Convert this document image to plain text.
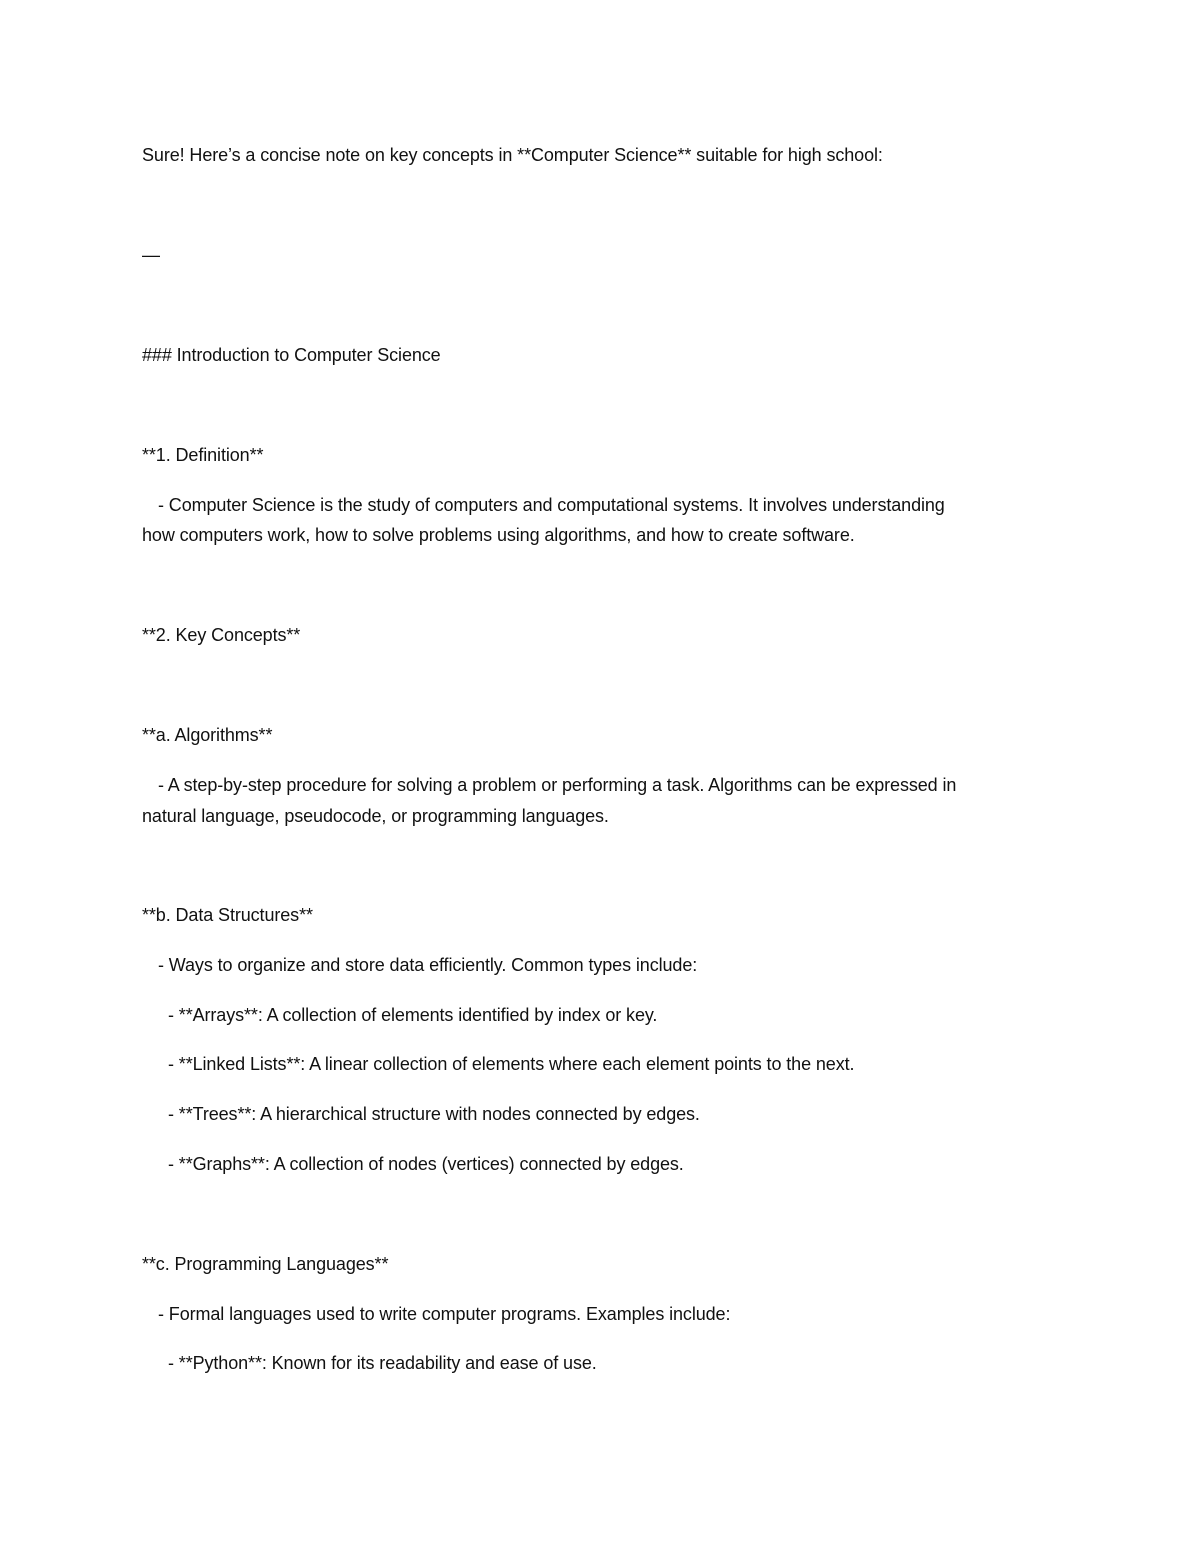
Sure! Here’s a concise note on key concepts in **Computer Science** suitable for high school:
—
### Introduction to Computer Science
**1. Definition**
- Computer Science is the study of computers and computational systems. It involves understanding
how computers work, how to solve problems using algorithms, and how to create software.
**2. Key Concepts**
**a. Algorithms**
- A step-by-step procedure for solving a problem or performing a task. Algorithms can be expressed in
natural language, pseudocode, or programming languages.
**b. Data Structures**
- Ways to organize and store data efficiently. Common types include:
- **Arrays**: A collection of elements identified by index or key.
- **Linked Lists**: A linear collection of elements where each element points to the next.
- **Trees**: A hierarchical structure with nodes connected by edges.
- **Graphs**: A collection of nodes (vertices) connected by edges.
**c. Programming Languages**
- Formal languages used to write computer programs. Examples include:
- **Python**: Known for its readability and ease of use.
